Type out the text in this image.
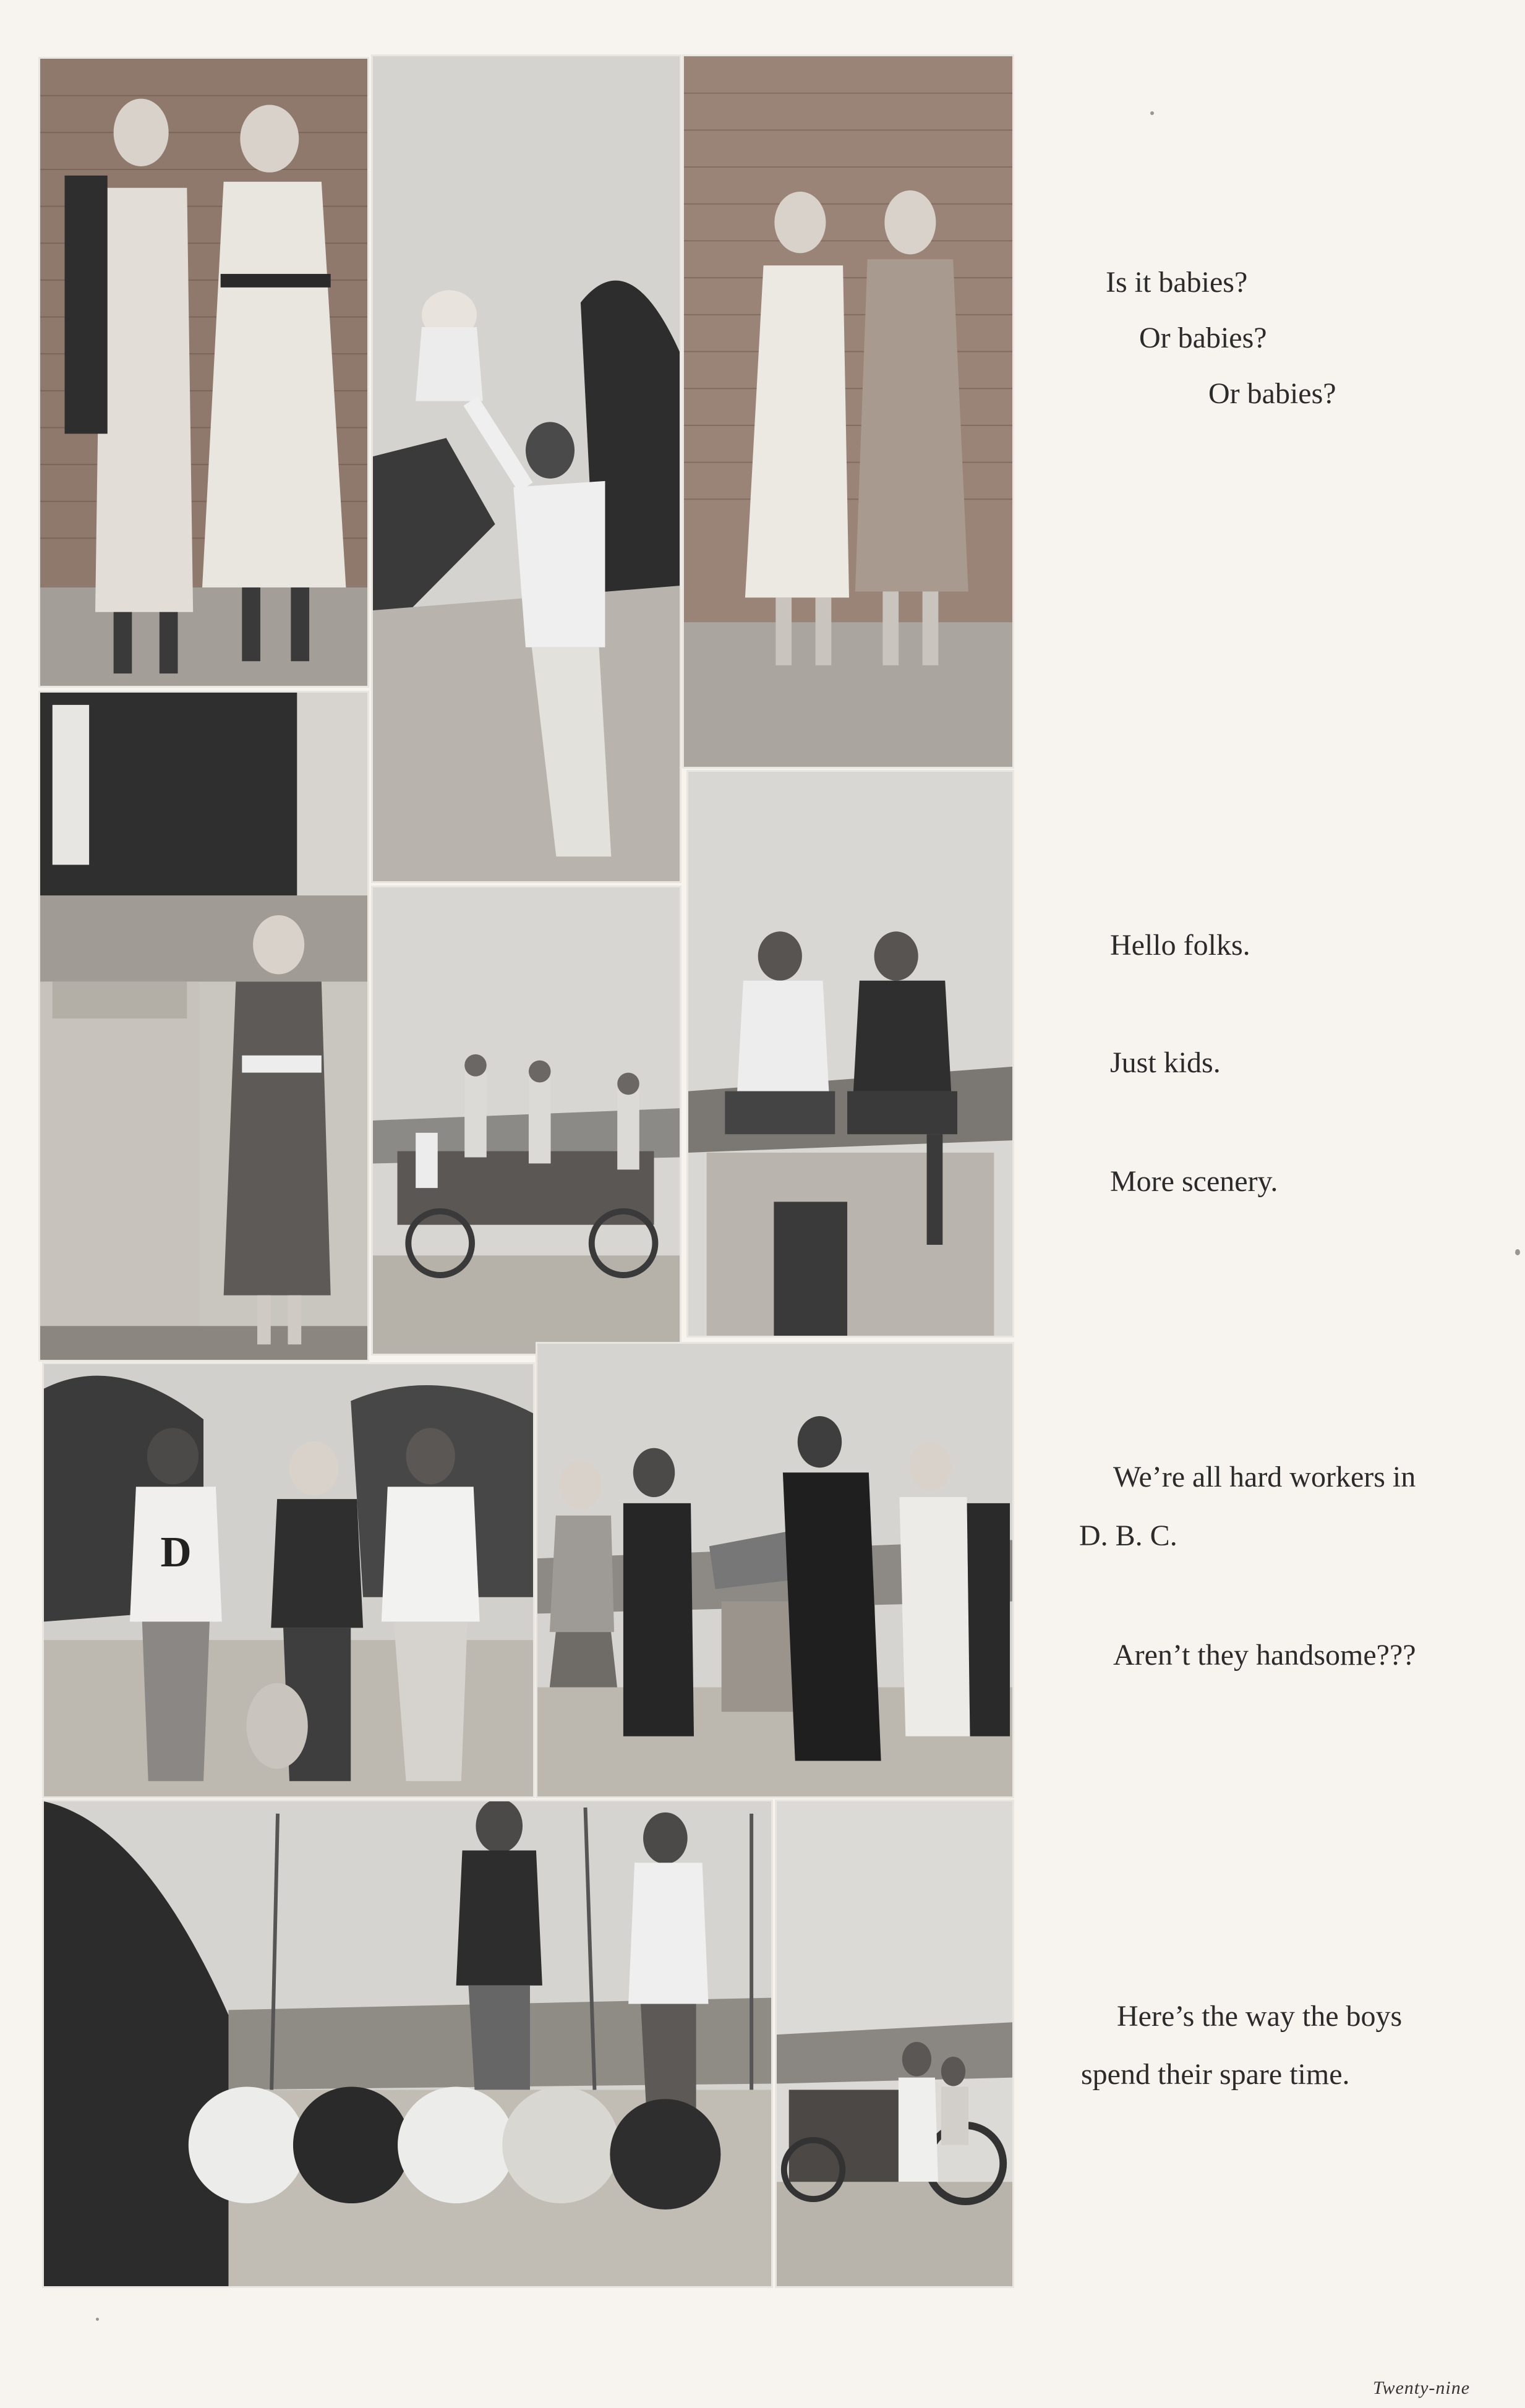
D
Is it babies?
Or babies?
Or babies?
Hello folks.
Just kids.
More scenery.
We’re all hard workers in
D. B. C.
Aren’t they handsome???
Here’s the way the boys
spend their spare time.
Twenty-nine
